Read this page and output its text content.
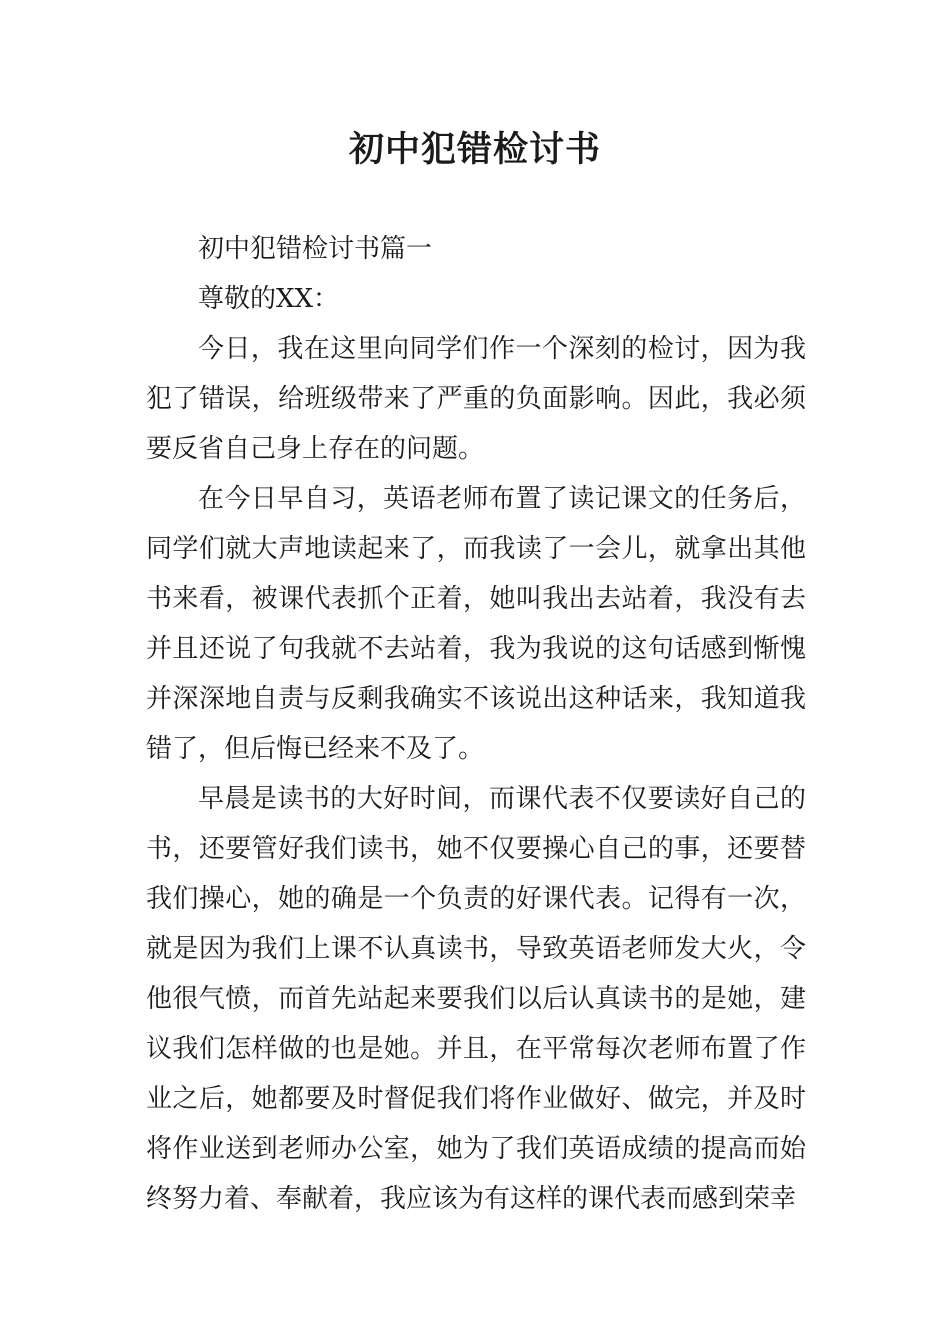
初中犯错检讨书

初中犯错检讨书篇一

尊敬的XX：

今日，我在这里向同学们作一个深刻的检讨，因为我犯了错误，给班级带来了严重的负面影响。因此，我必须要反省自己身上存在的问题。

在今日早自习，英语老师布置了读记课文的任务后，同学们就大声地读起来了，而我读了一会儿，就拿出其他书来看，被课代表抓个正着，她叫我出去站着，我没有去并且还说了句我就不去站着，我为我说的这句话感到惭愧并深深地自责与反剩我确实不该说出这种话来，我知道我错了，但后悔已经来不及了。

早晨是读书的大好时间，而课代表不仅要读好自己的书，还要管好我们读书，她不仅要操心自己的事，还要替我们操心，她的确是一个负责的好课代表。记得有一次，就是因为我们上课不认真读书，导致英语老师发大火，令他很气愤，而首先站起来要我们以后认真读书的是她，建议我们怎样做的也是她。并且，在平常每次老师布置了作业之后，她都要及时督促我们将作业做好、做完，并及时将作业送到老师办公室，她为了我们英语成绩的提高而始终努力着、奉献着，我应该为有这样的课代表而感到荣幸
